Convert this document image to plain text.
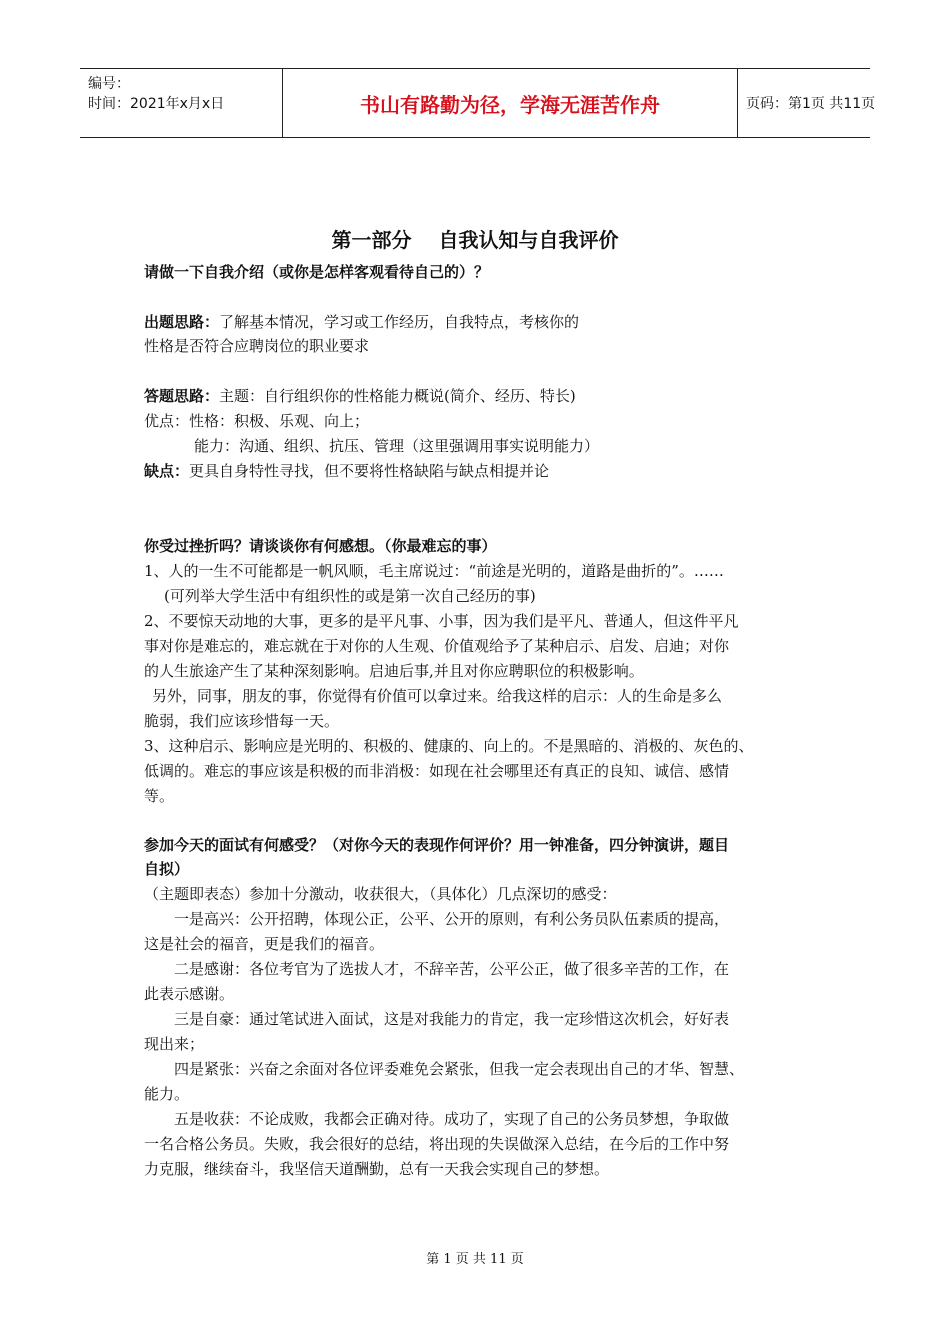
编号：
时间：2021年x月x日	书山有路勤为径，学海无涯苦作舟	页码：第1页 共11页
第一部分　 自我认知与自我评价
请做一下自我介绍（或你是怎样客观看待自己的）？
出题思路：了解基本情况，学习或工作经历，自我特点，考核你的
性格是否符合应聘岗位的职业要求
答题思路：主题：自行组织你的性格能力概说(简介、经历、特长)
优点：性格：积极、乐观、向上；
能力：沟通、组织、抗压、管理（这里强调用事实说明能力）
缺点：更具自身特性寻找，但不要将性格缺陷与缺点相提并论
你受过挫折吗？请谈谈你有何感想。（你最难忘的事）
1、人的一生不可能都是一帆风顺，毛主席说过：“前途是光明的，道路是曲折的”。……
(可列举大学生活中有组织性的或是第一次自己经历的事)
2、不要惊天动地的大事，更多的是平凡事、小事，因为我们是平凡、普通人，但这件平凡
事对你是难忘的，难忘就在于对你的人生观、价值观给予了某种启示、启发、启迪；对你
的人生旅途产生了某种深刻影响。启迪后事,并且对你应聘职位的积极影响。
另外，同事，朋友的事，你觉得有价值可以拿过来。给我这样的启示：人的生命是多么
脆弱，我们应该珍惜每一天。
3、这种启示、影响应是光明的、积极的、健康的、向上的。不是黑暗的、消极的、灰色的、
低调的。难忘的事应该是积极的而非消极：如现在社会哪里还有真正的良知、诚信、感情
等。
参加今天的面试有何感受？（对你今天的表现作何评价？用一钟准备，四分钟演讲，题目
自拟）
（主题即表态）参加十分激动，收获很大，（具体化）几点深切的感受：
一是高兴：公开招聘，体现公正，公平、公开的原则，有利公务员队伍素质的提高，
这是社会的福音，更是我们的福音。
二是感谢：各位考官为了选拔人才，不辞辛苦，公平公正，做了很多辛苦的工作，在
此表示感谢。
三是自豪：通过笔试进入面试，这是对我能力的肯定，我一定珍惜这次机会，好好表
现出来；
四是紧张：兴奋之余面对各位评委难免会紧张，但我一定会表现出自己的才华、智慧、
能力。
五是收获：不论成败，我都会正确对待。成功了，实现了自己的公务员梦想，争取做
一名合格公务员。失败，我会很好的总结，将出现的失误做深入总结，在今后的工作中努
力克服，继续奋斗，我坚信天道酬勤，总有一天我会实现自己的梦想。
第 1 页 共 11 页
